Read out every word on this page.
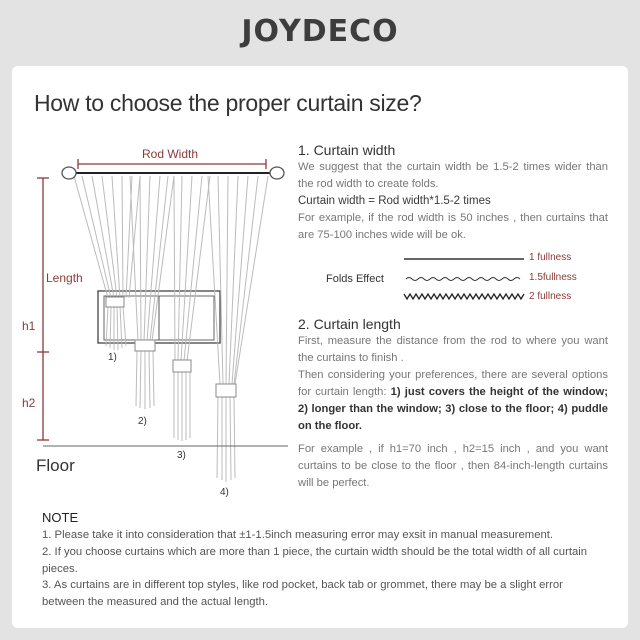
JOYDECO
How to choose the proper curtain size?
Rod Width
Length
h1
h2
Floor
1)
2)
3)
4)
1. Curtain width

We suggest that the curtain width be 1.5-2 times wider than the rod width to create folds.

Curtain width = Rod width*1.5-2 times

For example, if the rod width is 50 inches , then curtains that are 75-100 inches wide will be ok.

Folds Effect
1 fullness
1.5fullness
2 fullness
2. Curtain length

First, measure the distance from the rod to where you want the curtains to finish .

Then considering your preferences, there are several options for curtain length: 1) just covers the height of the window; 2) longer than the window; 3) close to the floor; 4) puddle on the floor.

For example , if h1=70 inch , h2=15 inch , and you want curtains to be close to the floor , then 84-inch-length curtains will be perfect.

NOTE

1. Please take it into consideration that ±1-1.5inch measuring error may exsit in manual measurement.

2. If you choose curtains which are more than 1 piece, the curtain width should be the total width of all curtain pieces.

3. As curtains are in different top styles, like rod pocket, back tab or grommet, there may be a slight error between the measured and the actual length.
